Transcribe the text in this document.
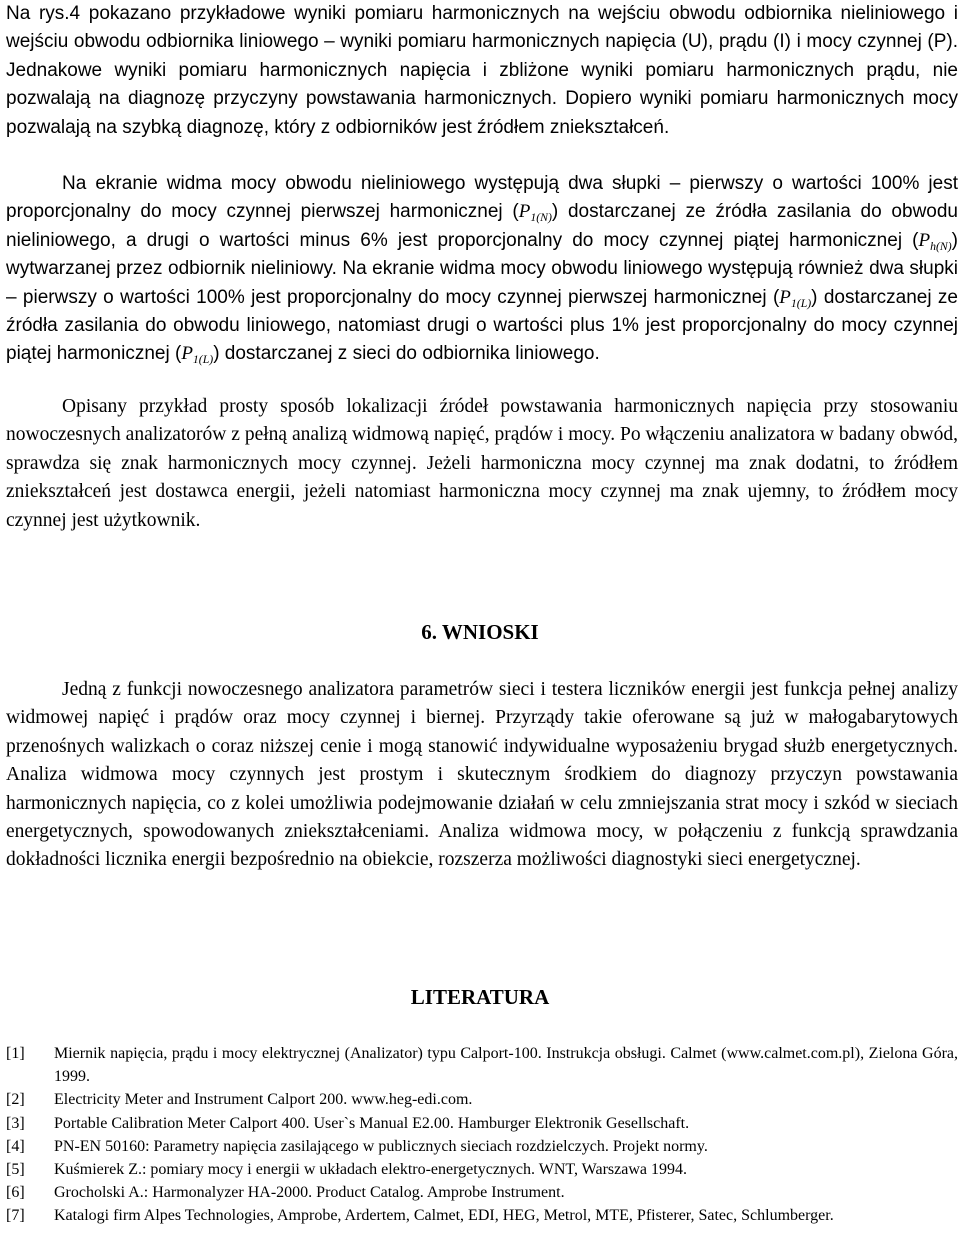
Na rys.4 pokazano przykładowe wyniki pomiaru harmonicznych na wejściu obwodu odbiornika nieliniowego i wejściu obwodu odbiornika liniowego – wyniki pomiaru harmonicznych napięcia (U), prądu (I) i mocy czynnej (P). Jednakowe wyniki pomiaru harmonicznych napięcia i zbliżone wyniki pomiaru harmonicznych prądu, nie pozwalają na diagnozę przyczyny powstawania harmonicznych. Dopiero wyniki pomiaru harmonicznych mocy pozwalają na szybką diagnozę, który z odbiorników jest źródłem zniekształceń.

Na ekranie widma mocy obwodu nieliniowego występują dwa słupki – pierwszy o wartości 100% jest proporcjonalny do mocy czynnej pierwszej harmonicznej $(P_{1(N)})$ dostarczanej ze źródła zasilania do obwodu nieliniowego, a drugi o wartości minus 6% jest proporcjonalny do mocy czynnej piątej harmonicznej $(P_{h(N)})$ wytwarzanej przez odbiornik nieliniowy. Na ekranie widma mocy obwodu liniowego występują również dwa słupki – pierwszy o wartości 100% jest proporcjonalny do mocy czynnej pierwszej harmonicznej $(P_{1(L)})$ dostarczanej ze źródła zasilania do obwodu liniowego, natomiast drugi o wartości plus 1% jest proporcjonalny do mocy czynnej piątej harmonicznej $(P_{1(L)})$ dostarczanej z sieci do odbiornika liniowego.

Opisany przykład prosty sposób lokalizacji źródeł powstawania harmonicznych napięcia przy stosowaniu nowoczesnych analizatorów z pełną analizą widmową napięć, prądów i mocy. Po włączeniu analizatora w badany obwód, sprawdza się znak harmonicznych mocy czynnej. Jeżeli harmoniczna mocy czynnej ma znak dodatni, to źródłem zniekształceń jest dostawca energii, jeżeli natomiast harmoniczna mocy czynnej ma znak ujemny, to źródłem mocy czynnej jest użytkownik.

6. WNIOSKI

Jedną z funkcji nowoczesnego analizatora parametrów sieci i testera liczników energii jest funkcja pełnej analizy widmowej napięć i prądów oraz mocy czynnej i biernej. Przyrządy takie oferowane są już w małogabarytowych przenośnych walizkach o coraz niższej cenie i mogą stanowić indywidualne wyposażeniu brygad służb energetycznych. Analiza widmowa mocy czynnych jest prostym i skutecznym środkiem do diagnozy przyczyn powstawania harmonicznych napięcia, co z kolei umożliwia podejmowanie działań w celu zmniejszania strat mocy i szkód w sieciach energetycznych, spowodowanych zniekształceniami. Analiza widmowa mocy, w połączeniu z funkcją sprawdzania dokładności licznika energii bezpośrednio na obiekcie, rozszerza możliwości diagnostyki sieci energetycznej.

LITERATURA
[1]	Miernik napięcia, prądu i mocy elektrycznej (Analizator) typu Calport-100. Instrukcja obsługi. Calmet (www.calmet.com.pl), Zielona Góra, 1999.
[2]	Electricity Meter and Instrument Calport 200. www.heg-edi.com.
[3]	Portable Calibration Meter Calport 400. User`s Manual E2.00. Hamburger Elektronik Gesellschaft.
[4]	PN-EN 50160: Parametry napięcia zasilającego w publicznych sieciach rozdzielczych. Projekt normy.
[5]	Kuśmierek Z.: pomiary mocy i energii w układach elektro-energetycznych. WNT, Warszawa 1994.
[6]	Grocholski A.: Harmonalyzer HA-2000. Product Catalog. Amprobe Instrument.
[7]	Katalogi firm Alpes Technologies, Amprobe, Ardertem, Calmet, EDI, HEG, Metrol, MTE, Pfisterer, Satec, Schlumberger.
